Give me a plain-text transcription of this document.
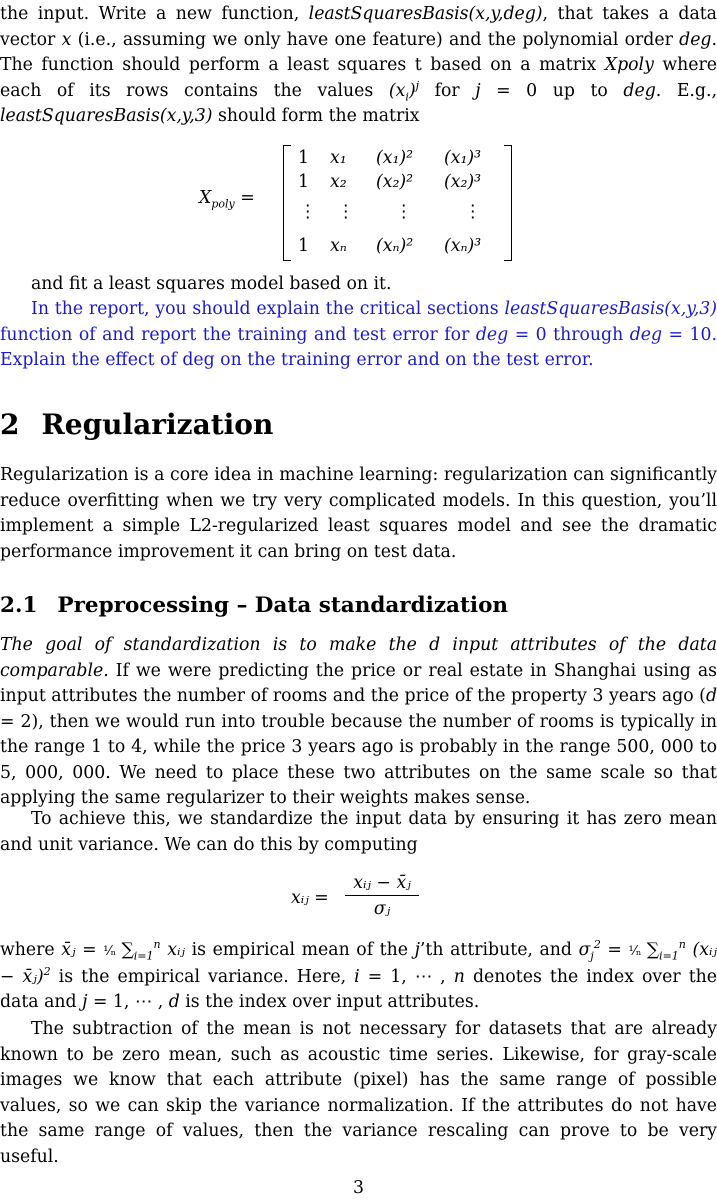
the input. Write a new function, leastSquaresBasis(x,y,deg), that takes a data vector x (i.e., assuming we only have one feature) and the polynomial order deg. The function should perform a least squares t based on a matrix Xpoly where each of its rows contains the values $(x_i)^j$ for j = 0 up to deg. E.g., leastSquaresBasis(x,y,3) should form the matrix

$X_{poly}$ =
1 x₁ (x₁)² (x₁)³
1 x₂ (x₂)² (x₂)³
⋮ ⋮ ⋮	⋮
1 xₙ (xₙ)² (xₙ)³

and fit a least squares model based on it.

In the report, you should explain the critical sections leastSquaresBasis(x,y,3) function of and report the training and test error for deg = 0 through deg = 10. Explain the effect of deg on the training error and on the test error.

2 Regularization

Regularization is a core idea in machine learning: regularization can significantly reduce overfitting when we try very complicated models. In this question, you’ll implement a simple L2-regularized least squares model and see the dramatic performance improvement it can bring on test data.

2.1 Preprocessing – Data standardization

The goal of standardization is to make the d input attributes of the data comparable. If we were predicting the price or real estate in Shanghai using as input attributes the number of rooms and the price of the property 3 years ago (d = 2), then we would run into trouble because the number of rooms is typically in the range 1 to 4, while the price 3 years ago is probably in the range 500, 000 to 5, 000, 000. We need to place these two attributes on the same scale so that applying the same regularizer to their weights makes sense.

To achieve this, we standardize the input data by ensuring it has zero mean and unit variance. We can do this by computing

xᵢⱼ =
xᵢⱼ − x̄ⱼ
σⱼ

where x̄ⱼ = ¹⁄ₙ $\sum_{i=1}^n$ xᵢⱼ is empirical mean of the j’th attribute, and $\sigma_j^2$ = ¹⁄ₙ $\sum_{i=1}^n$ (xᵢⱼ − x̄ⱼ)$^2$ is the empirical variance. Here, i = 1, ⋯ , n denotes the index over the data and j = 1, ⋯ , d is the index over input attributes.

The subtraction of the mean is not necessary for datasets that are already known to be zero mean, such as acoustic time series. Likewise, for gray-scale images we know that each attribute (pixel) has the same range of possible values, so we can skip the variance normalization. If the attributes do not have the same range of values, then the variance rescaling can prove to be very useful.

3
